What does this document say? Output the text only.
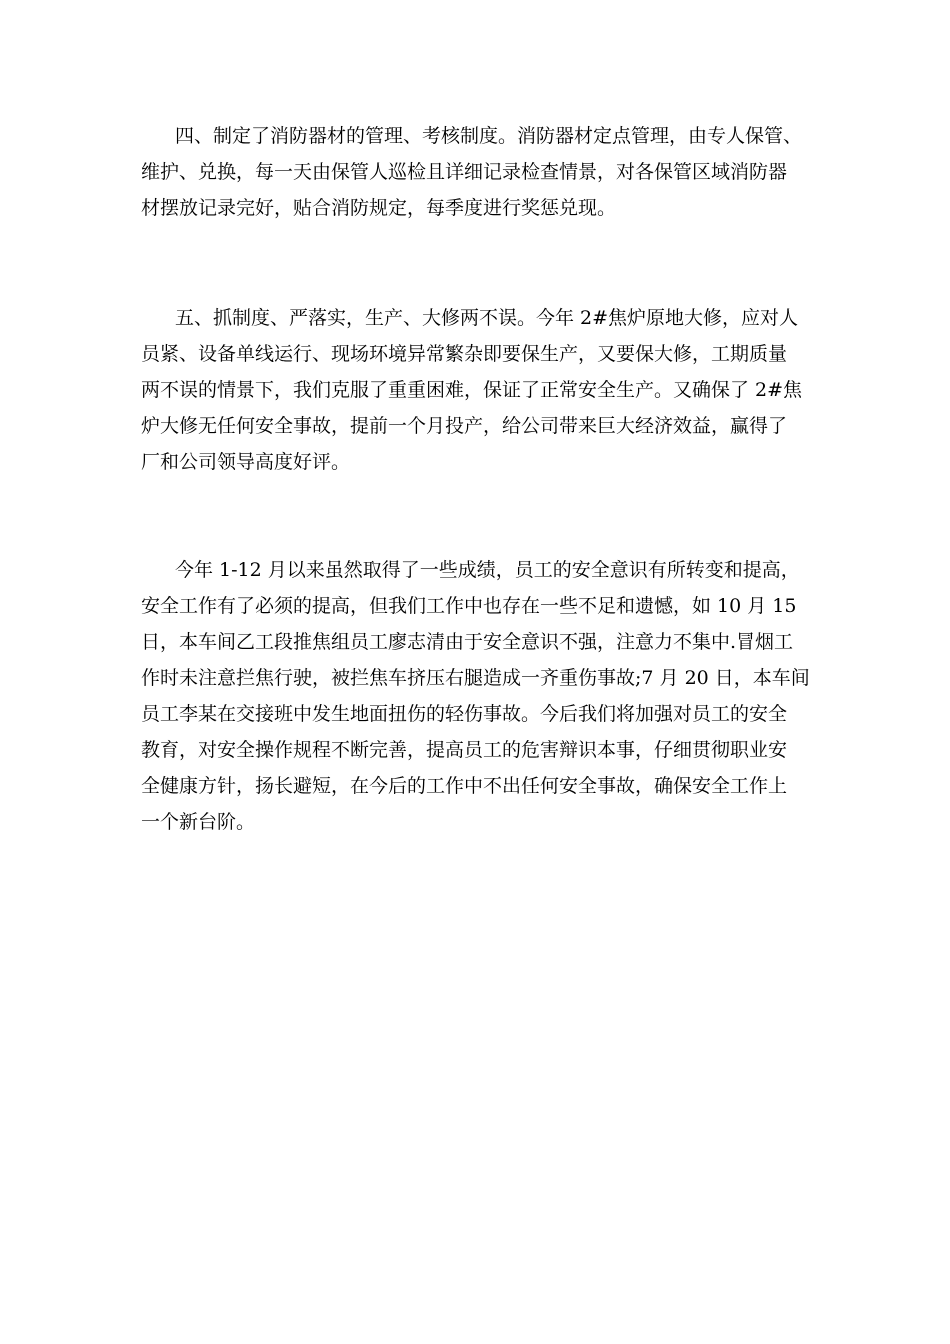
四、制定了消防器材的管理、考核制度。消防器材定点管理，由专人保管、
维护、兑换，每一天由保管人巡检且详细记录检查情景，对各保管区域消防器
材摆放记录完好，贴合消防规定，每季度进行奖惩兑现。
五、抓制度、严落实，生产、大修两不误。今年 2#焦炉原地大修，应对人
员紧、设备单线运行、现场环境异常繁杂即要保生产，又要保大修，工期质量
两不误的情景下，我们克服了重重困难，保证了正常安全生产。又确保了 2#焦
炉大修无任何安全事故，提前一个月投产，给公司带来巨大经济效益，赢得了
厂和公司领导高度好评。
今年 1-12 月以来虽然取得了一些成绩，员工的安全意识有所转变和提高，
安全工作有了必须的提高，但我们工作中也存在一些不足和遗憾，如 10 月 15
日，本车间乙工段推焦组员工廖志清由于安全意识不强，注意力不集中.冒烟工
作时未注意拦焦行驶，被拦焦车挤压右腿造成一齐重伤事故;7 月 20 日，本车间
员工李某在交接班中发生地面扭伤的轻伤事故。今后我们将加强对员工的安全
教育，对安全操作规程不断完善，提高员工的危害辩识本事，仔细贯彻职业安
全健康方针，扬长避短，在今后的工作中不出任何安全事故，确保安全工作上
一个新台阶。
